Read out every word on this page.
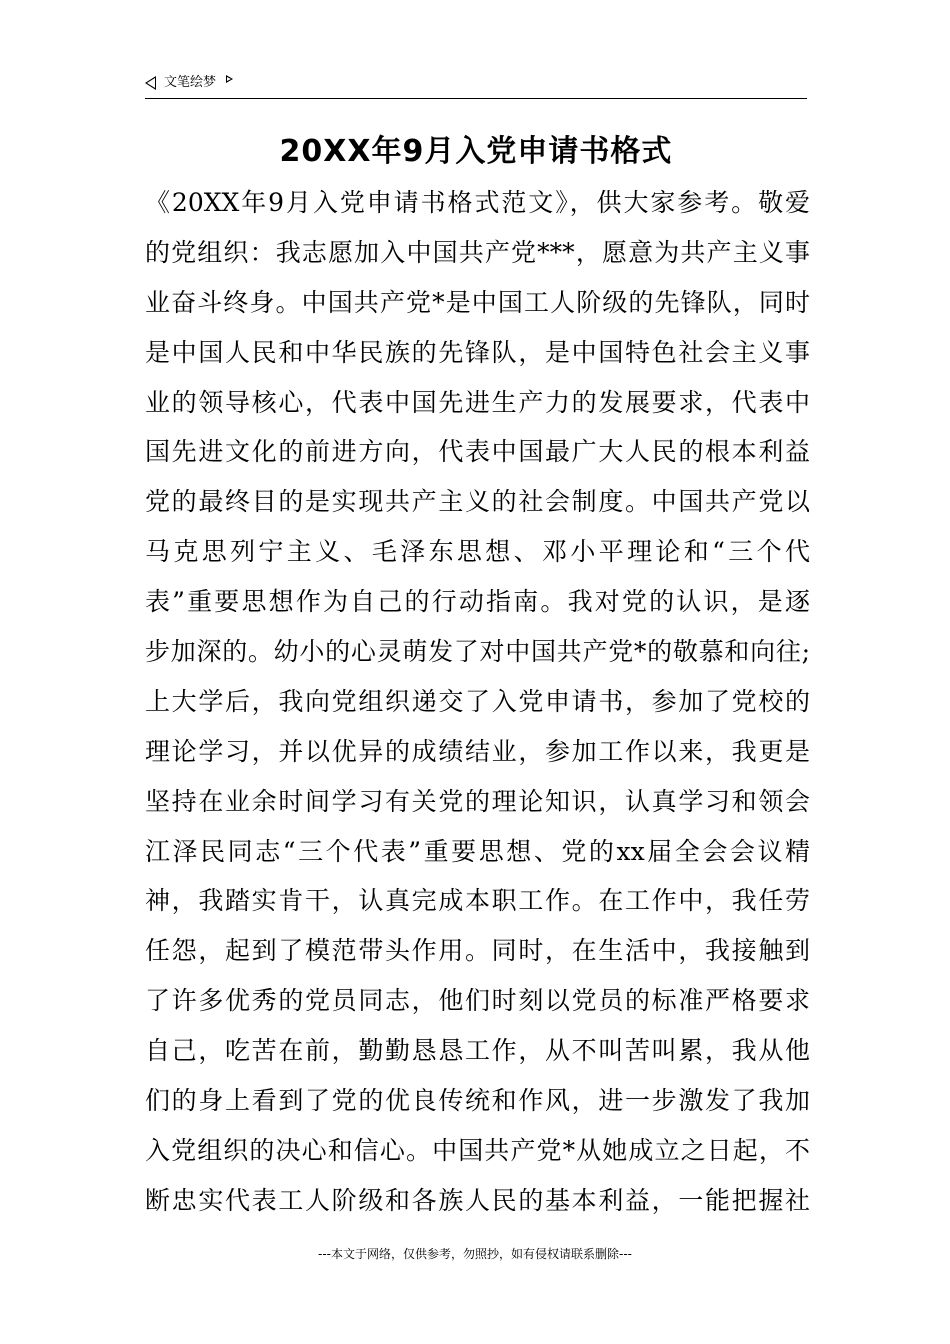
文笔绘梦
20XX年9月入党申请书格式
《20XX年9月入党申请书格式范文》，供大家参考。敬爱
的党组织：我志愿加入中国共产党***，愿意为共产主义事
业奋斗终身。中国共产党*是中国工人阶级的先锋队，同时
是中国人民和中华民族的先锋队，是中国特色社会主义事
业的领导核心，代表中国先进生产力的发展要求，代表中
国先进文化的前进方向，代表中国最广大人民的根本利益
党的最终目的是实现共产主义的社会制度。中国共产党以
马克思列宁主义、毛泽东思想、邓小平理论和“三个代
表”重要思想作为自己的行动指南。我对党的认识，是逐
步加深的。幼小的心灵萌发了对中国共产党*的敬慕和向往;
上大学后，我向党组织递交了入党申请书，参加了党校的
理论学习，并以优异的成绩结业，参加工作以来，我更是
坚持在业余时间学习有关党的理论知识，认真学习和领会
江泽民同志“三个代表”重要思想、党的xx届全会会议精
神，我踏实肯干，认真完成本职工作。在工作中，我任劳
任怨，起到了模范带头作用。同时，在生活中，我接触到
了许多优秀的党员同志，他们时刻以党员的标准严格要求
自己，吃苦在前，勤勤恳恳工作，从不叫苦叫累，我从他
们的身上看到了党的优良传统和作风，进一步激发了我加
入党组织的决心和信心。中国共产党*从她成立之日起，不
断忠实代表工人阶级和各族人民的基本利益，一能把握社
---本文于网络，仅供参考，勿照抄，如有侵权请联系删除---
